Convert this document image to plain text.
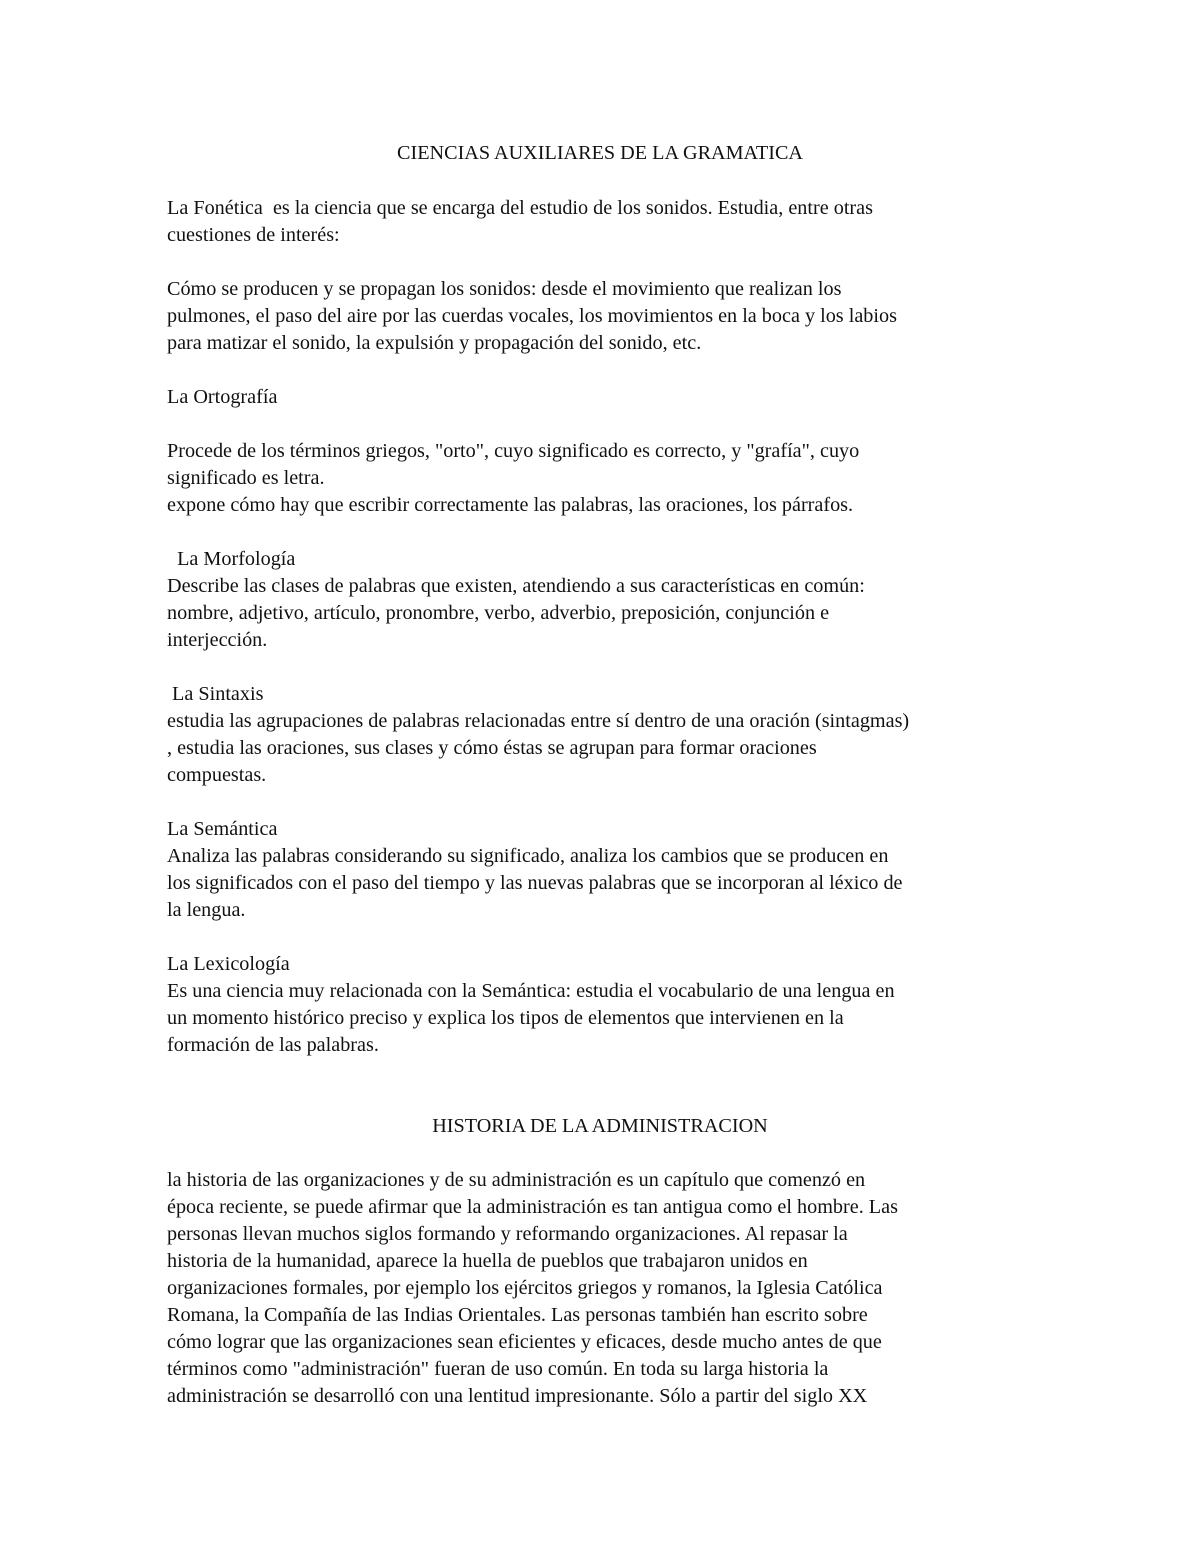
CIENCIAS AUXILIARES DE LA GRAMATICA

La Fonética  es la ciencia que se encarga del estudio de los sonidos. Estudia, entre otras

cuestiones de interés:

Cómo se producen y se propagan los sonidos: desde el movimiento que realizan los

pulmones, el paso del aire por las cuerdas vocales, los movimientos en la boca y los labios

para matizar el sonido, la expulsión y propagación del sonido, etc.

La Ortografía

Procede de los términos griegos, "orto", cuyo significado es correcto, y "grafía", cuyo

significado es letra.

expone cómo hay que escribir correctamente las palabras, las oraciones, los párrafos.

La Morfología

Describe las clases de palabras que existen, atendiendo a sus características en común:

nombre, adjetivo, artículo, pronombre, verbo, adverbio, preposición, conjunción e

interjección.

La Sintaxis

estudia las agrupaciones de palabras relacionadas entre sí dentro de una oración (sintagmas)

, estudia las oraciones, sus clases y cómo éstas se agrupan para formar oraciones

compuestas.

La Semántica

Analiza las palabras considerando su significado, analiza los cambios que se producen en

los significados con el paso del tiempo y las nuevas palabras que se incorporan al léxico de

la lengua.

La Lexicología

Es una ciencia muy relacionada con la Semántica: estudia el vocabulario de una lengua en

un momento histórico preciso y explica los tipos de elementos que intervienen en la

formación de las palabras.

HISTORIA DE LA ADMINISTRACION

la historia de las organizaciones y de su administración es un capítulo que comenzó en

época reciente, se puede afirmar que la administración es tan antigua como el hombre. Las

personas llevan muchos siglos formando y reformando organizaciones. Al repasar la

historia de la humanidad, aparece la huella de pueblos que trabajaron unidos en

organizaciones formales, por ejemplo los ejércitos griegos y romanos, la Iglesia Católica

Romana, la Compañía de las Indias Orientales. Las personas también han escrito sobre

cómo lograr que las organizaciones sean eficientes y eficaces, desde mucho antes de que

términos como "administración" fueran de uso común. En toda su larga historia la

administración se desarrolló con una lentitud impresionante. Sólo a partir del siglo XX
